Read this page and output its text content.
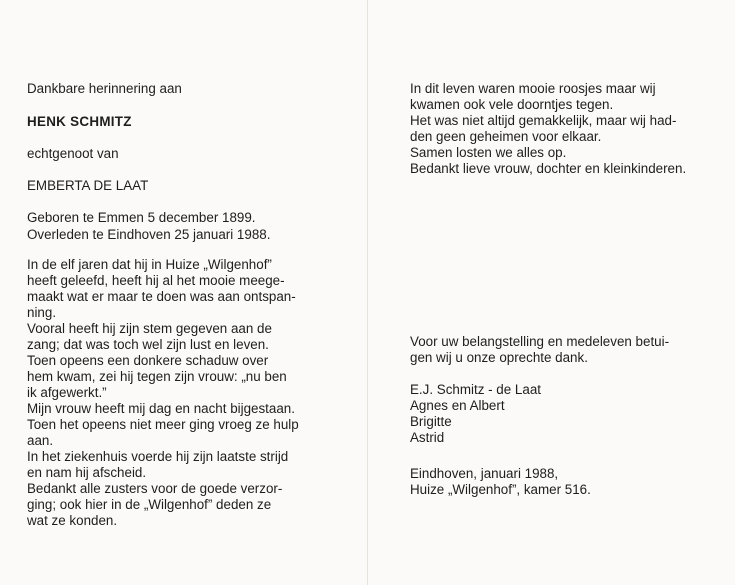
Dankbare herinnering aan
HENK SCHMITZ
echtgenoot van
EMBERTA DE LAAT
Geboren te Emmen 5 december 1899.
Overleden te Eindhoven 25 januari 1988.
In de elf jaren dat hij in Huize „Wilgenhof”
heeft geleefd, heeft hij al het mooie meege-
maakt wat er maar te doen was aan ontspan-
ning.
Vooral heeft hij zijn stem gegeven aan de
zang; dat was toch wel zijn lust en leven.
Toen opeens een donkere schaduw over
hem kwam, zei hij tegen zijn vrouw: „nu ben
ik afgewerkt.”
Mijn vrouw heeft mij dag en nacht bijgestaan.
Toen het opeens niet meer ging vroeg ze hulp
aan.
In het ziekenhuis voerde hij zijn laatste strijd
en nam hij afscheid.
Bedankt alle zusters voor de goede verzor-
ging; ook hier in de „Wilgenhof” deden ze
wat ze konden.
In dit leven waren mooie roosjes maar wij
kwamen ook vele doorntjes tegen.
Het was niet altijd gemakkelijk, maar wij had-
den geen geheimen voor elkaar.
Samen losten we alles op.
Bedankt lieve vrouw, dochter en kleinkinderen.
Voor uw belangstelling en medeleven betui-
gen wij u onze oprechte dank.
E.J. Schmitz - de Laat
Agnes en Albert
Brigitte
Astrid
Eindhoven, januari 1988,
Huize „Wilgenhof”, kamer 516.
